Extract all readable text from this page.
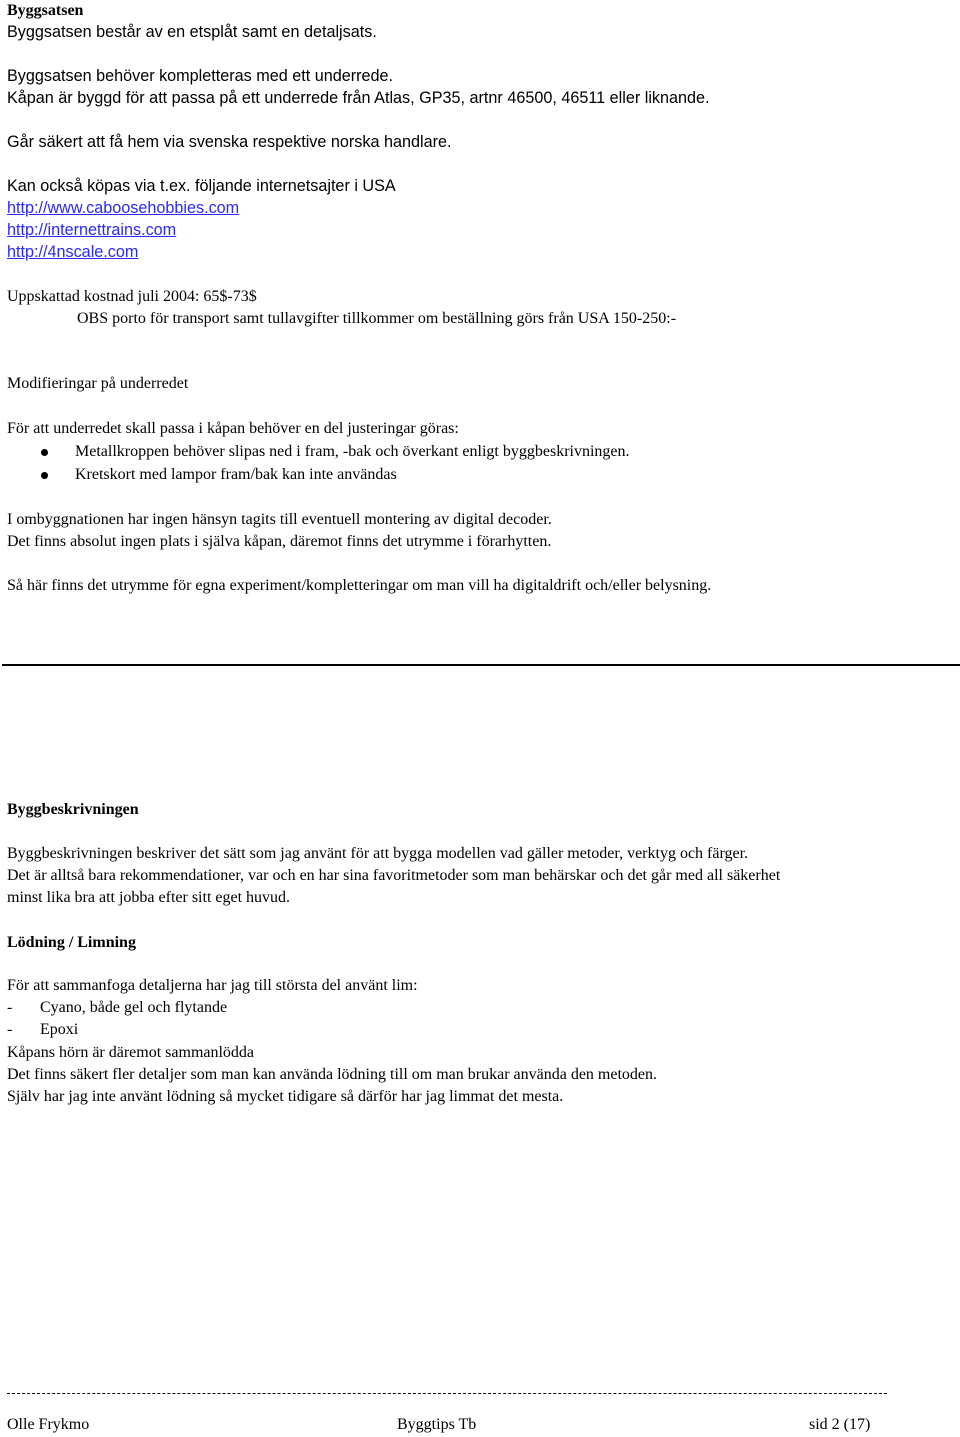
Byggsatsen
Byggsatsen består av en etsplåt samt en detaljsats.
Byggsatsen behöver kompletteras med ett underrede.
Kåpan är byggd för att passa på ett underrede från Atlas, GP35, artnr 46500, 46511 eller liknande.
Går säkert att få hem via svenska respektive norska handlare.
Kan också köpas via t.ex. följande internetsajter i USA
http://www.caboosehobbies.com
http://internettrains.com
http://4nscale.com
Uppskattad kostnad juli 2004: 65$-73$
OBS porto för transport samt tullavgifter tillkommer om beställning görs från USA 150-250:-
Modifieringar på underredet
För att underredet skall passa i kåpan behöver en del justeringar göras:
Metallkroppen behöver slipas ned i fram, -bak och överkant enligt byggbeskrivningen.
Kretskort med lampor fram/bak kan inte användas
I ombyggnationen har ingen hänsyn tagits till eventuell montering av digital decoder.
Det finns absolut ingen plats i själva kåpan, däremot finns det utrymme i förarhytten.
Så här finns det utrymme för egna experiment/kompletteringar om man vill ha digitaldrift och/eller belysning.
Byggbeskrivningen
Byggbeskrivningen beskriver det sätt som jag använt för att bygga modellen vad gäller metoder, verktyg och färger.
Det är alltså bara rekommendationer, var och en har sina favoritmetoder som man behärskar och det går med all säkerhet
minst lika bra att jobba efter sitt eget huvud.
Lödning / Limning
För att sammanfoga detaljerna har jag till största del använt lim:
- Cyano, både gel och flytande
- Epoxi
Kåpans hörn är däremot sammanlödda
Det finns säkert fler detaljer som man kan använda lödning till om man brukar använda den metoden.
Själv har jag inte använt lödning så mycket tidigare så därför har jag limmat det mesta.
Olle Frykmo	Byggtips Tb	sid 2 (17)
